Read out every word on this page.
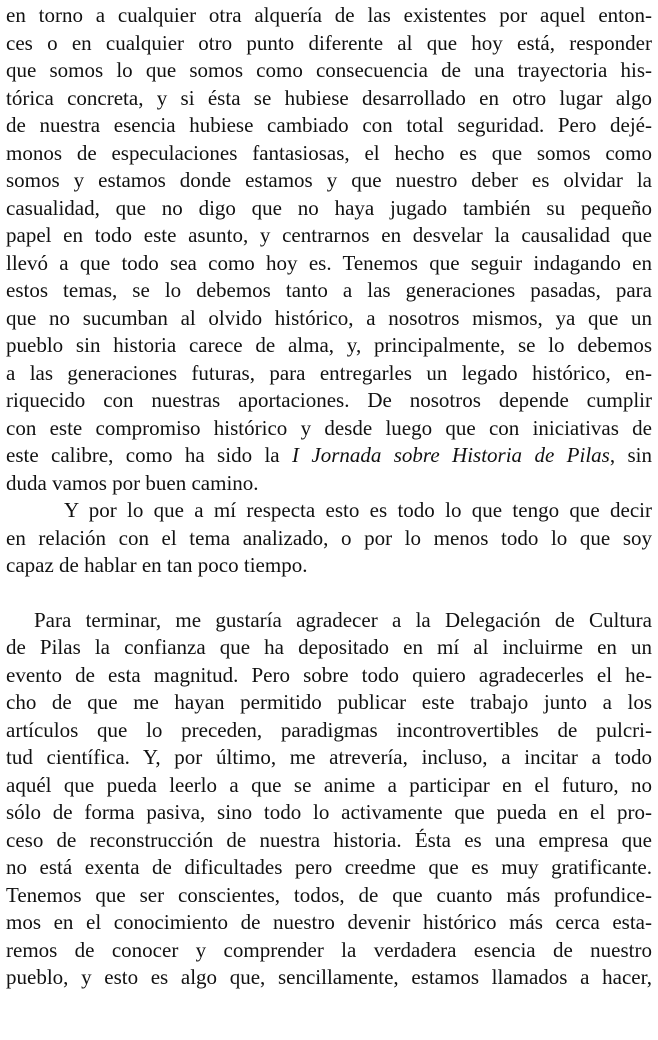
en torno a cualquier otra alquería de las existentes por aquel enton-
ces o en cualquier otro punto diferente al que hoy está, responder
que somos lo que somos como consecuencia de una trayectoria his-
tórica concreta, y si ésta se hubiese desarrollado en otro lugar algo
de nuestra esencia hubiese cambiado con total seguridad. Pero dejé-
monos de especulaciones fantasiosas, el hecho es que somos como
somos y estamos donde estamos y que nuestro deber es olvidar la
casualidad, que no digo que no haya jugado también su pequeño
papel en todo este asunto, y centrarnos en desvelar la causalidad que
llevó a que todo sea como hoy es. Tenemos que seguir indagando en
estos temas, se lo debemos tanto a las generaciones pasadas, para
que no sucumban al olvido histórico, a nosotros mismos, ya que un
pueblo sin historia carece de alma, y, principalmente, se lo debemos
a las generaciones futuras, para entregarles un legado histórico, en-
riquecido con nuestras aportaciones. De nosotros depende cumplir
con este compromiso histórico y desde luego que con iniciativas de
este calibre, como ha sido la I Jornada sobre Historia de Pilas, sin
duda vamos por buen camino.
Y por lo que a mí respecta esto es todo lo que tengo que decir
en relación con el tema analizado, o por lo menos todo lo que soy
capaz de hablar en tan poco tiempo.
Para terminar, me gustaría agradecer a la Delegación de Cultura
de Pilas la confianza que ha depositado en mí al incluirme en un
evento de esta magnitud. Pero sobre todo quiero agradecerles el he-
cho de que me hayan permitido publicar este trabajo junto a los
artículos que lo preceden, paradigmas incontrovertibles de pulcri-
tud científica. Y, por último, me atrevería, incluso, a incitar a todo
aquél que pueda leerlo a que se anime a participar en el futuro, no
sólo de forma pasiva, sino todo lo activamente que pueda en el pro-
ceso de reconstrucción de nuestra historia. Ésta es una empresa que
no está exenta de dificultades pero creedme que es muy gratificante.
Tenemos que ser conscientes, todos, de que cuanto más profundice-
mos en el conocimiento de nuestro devenir histórico más cerca esta-
remos de conocer y comprender la verdadera esencia de nuestro
pueblo, y esto es algo que, sencillamente, estamos llamados a hacer,
